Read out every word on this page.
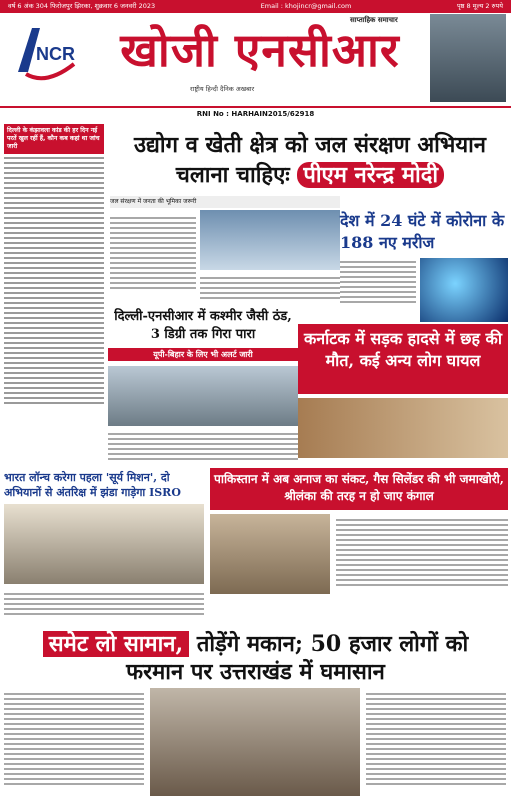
वर्ष 6 अंक 304 फिरोजपुर झिरका, शुक्रवार 6 जनवरी 2023	Email : khojincr@gmail.com	पृष्ठ 8 मूल्य 2 रुपये
NCR खोजी एनसीआर
साप्ताहिक समाचार
राष्ट्रीय हिन्दी दैनिक अखबार
RNI No : HARHAIN2015/62918
दिल्ली के कंझावला कांड की हर दिन नई परतें खुल रहीं हैं, कौन कब कहां था जांच जारी	उद्योग व खेती क्षेत्र को जल संरक्षण अभियान
चलाना चाहिएः पीएम नरेन्द्र मोदी
जल संरक्षण में जनता की भूमिका जरूरी
देश में 24 घंटे में कोरोना के 188 नए मरीज
दिल्ली-एनसीआर में कश्मीर जैसी ठंड, 3 डिग्री तक गिरा पारा
यूपी-बिहार के लिए भी अलर्ट जारी
कर्नाटक में सड़क हादसे में छह की मौत, कई अन्य लोग घायल
भारत लॉन्च करेगा पहला 'सूर्य मिशन', दो अभियानों से अंतरिक्ष में झंडा गाड़ेगा ISRO
पाकिस्तान में अब अनाज का संकट, गैस सिलेंडर की भी जमाखोरी, श्रीलंका की तरह न हो जाए कंगाल
समेट लो सामान, तोड़ेंगे मकान; 50 हजार लोगों को
फरमान पर उत्तराखंड में घमासान
